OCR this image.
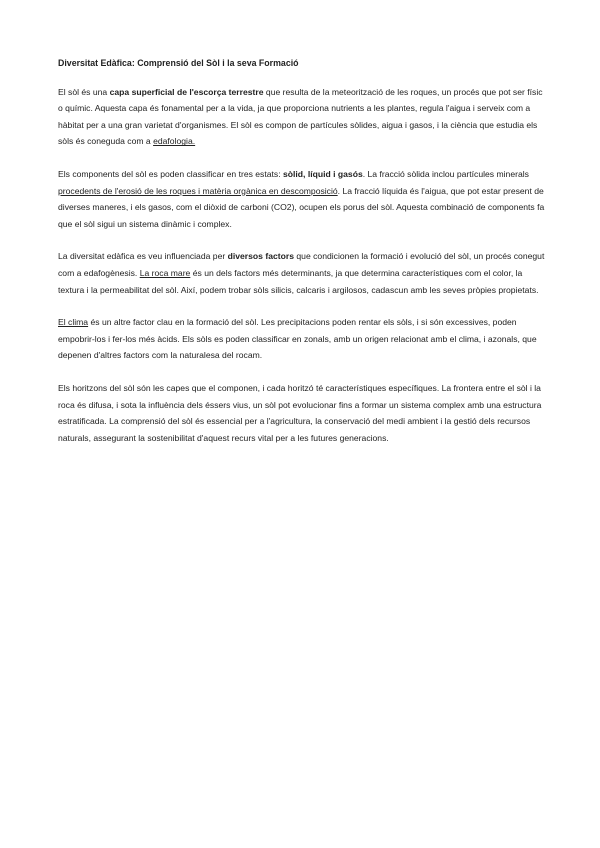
Diversitat Edàfica: Comprensió del Sòl i la seva Formació

El sòl és una capa superficial de l'escorça terrestre que resulta de la meteorització de les roques, un procés que pot ser físic o químic. Aquesta capa és fonamental per a la vida, ja que proporciona nutrients a les plantes, regula l'aigua i serveix com a hàbitat per a una gran varietat d'organismes. El sòl es compon de partícules sòlides, aigua i gasos, i la ciència que estudia els sòls és coneguda com a edafologia.

Els components del sòl es poden classificar en tres estats: sòlid, líquid i gasós. La fracció sòlida inclou partícules minerals procedents de l'erosió de les roques i matèria orgànica en descomposició. La fracció líquida és l'aigua, que pot estar present de diverses maneres, i els gasos, com el diòxid de carboni (CO2), ocupen els porus del sòl. Aquesta combinació de components fa que el sòl sigui un sistema dinàmic i complex.

La diversitat edàfica es veu influenciada per diversos factors que condicionen la formació i evolució del sòl, un procés conegut com a edafogènesis. La roca mare és un dels factors més determinants, ja que determina característiques com el color, la textura i la permeabilitat del sòl. Així, podem trobar sòls silicis, calcaris i argilosos, cadascun amb les seves pròpies propietats.

El clima és un altre factor clau en la formació del sòl. Les precipitacions poden rentar els sòls, i si són excessives, poden empobrir-los i fer-los més àcids. Els sòls es poden classificar en zonals, amb un origen relacionat amb el clima, i azonals, que depenen d'altres factors com la naturalesa del rocam.

Els horitzons del sòl són les capes que el componen, i cada horitzó té característiques específiques. La frontera entre el sòl i la roca és difusa, i sota la influència dels éssers vius, un sòl pot evolucionar fins a formar un sistema complex amb una estructura estratificada. La comprensió del sòl és essencial per a l'agricultura, la conservació del medi ambient i la gestió dels recursos naturals, assegurant la sostenibilitat d'aquest recurs vital per a les futures generacions.
